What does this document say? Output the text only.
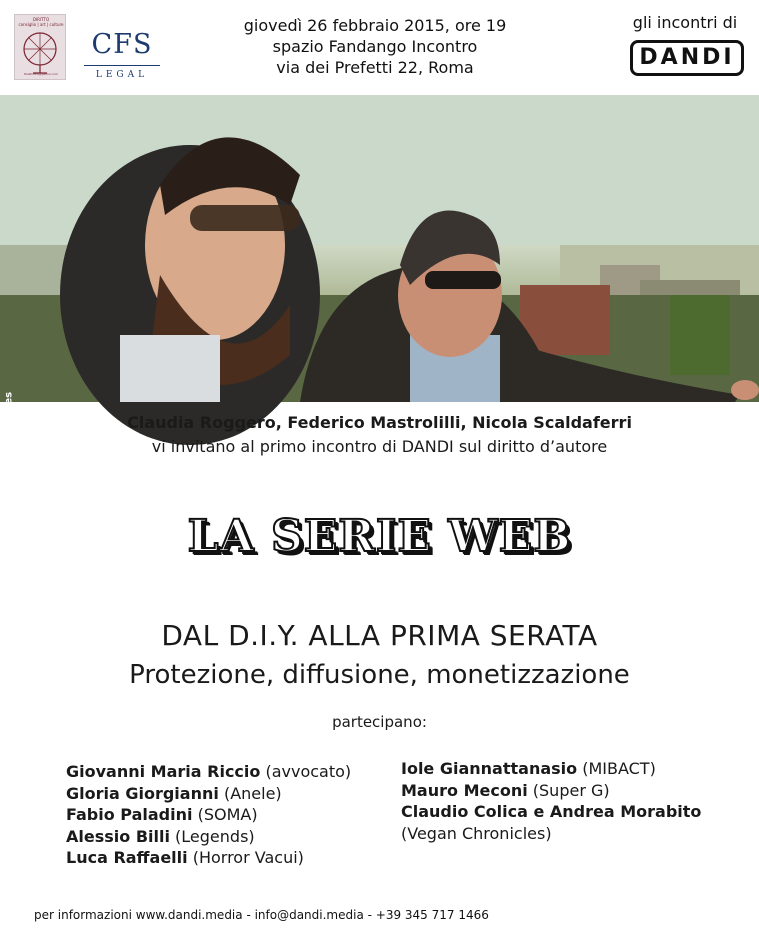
DIRITTO
consiglio | art | culture
theDiritto@yahoo.com
CFS
LEGAL
giovedì 26 febbraio 2015, ore 19
spazio Fandango Incontro
via dei Prefetti 22, Roma
gli incontri di
DANDI
@thePILLSeries	Claudia Roggero, Federico Mastrolilli, Nicola Scaldaferri
vi invitano al primo incontro di DANDI sul diritto d’autore
LA SERIE WEB
DAL D.I.Y. ALLA PRIMA SERATA
Protezione, diffusione, monetizzazione
partecipano:
Giovanni Maria Riccio (avvocato)
Gloria Giorgianni (Anele)
Fabio Paladini (SOMA)
Alessio Billi (Legends)
Luca Raffaelli (Horror Vacui)
Iole Giannattanasio (MIBACT)
Mauro Meconi (Super G)
Claudio Colica e Andrea Morabito
(Vegan Chronicles)
per informazioni www.dandi.media - info@dandi.media - +39 345 717 1466
